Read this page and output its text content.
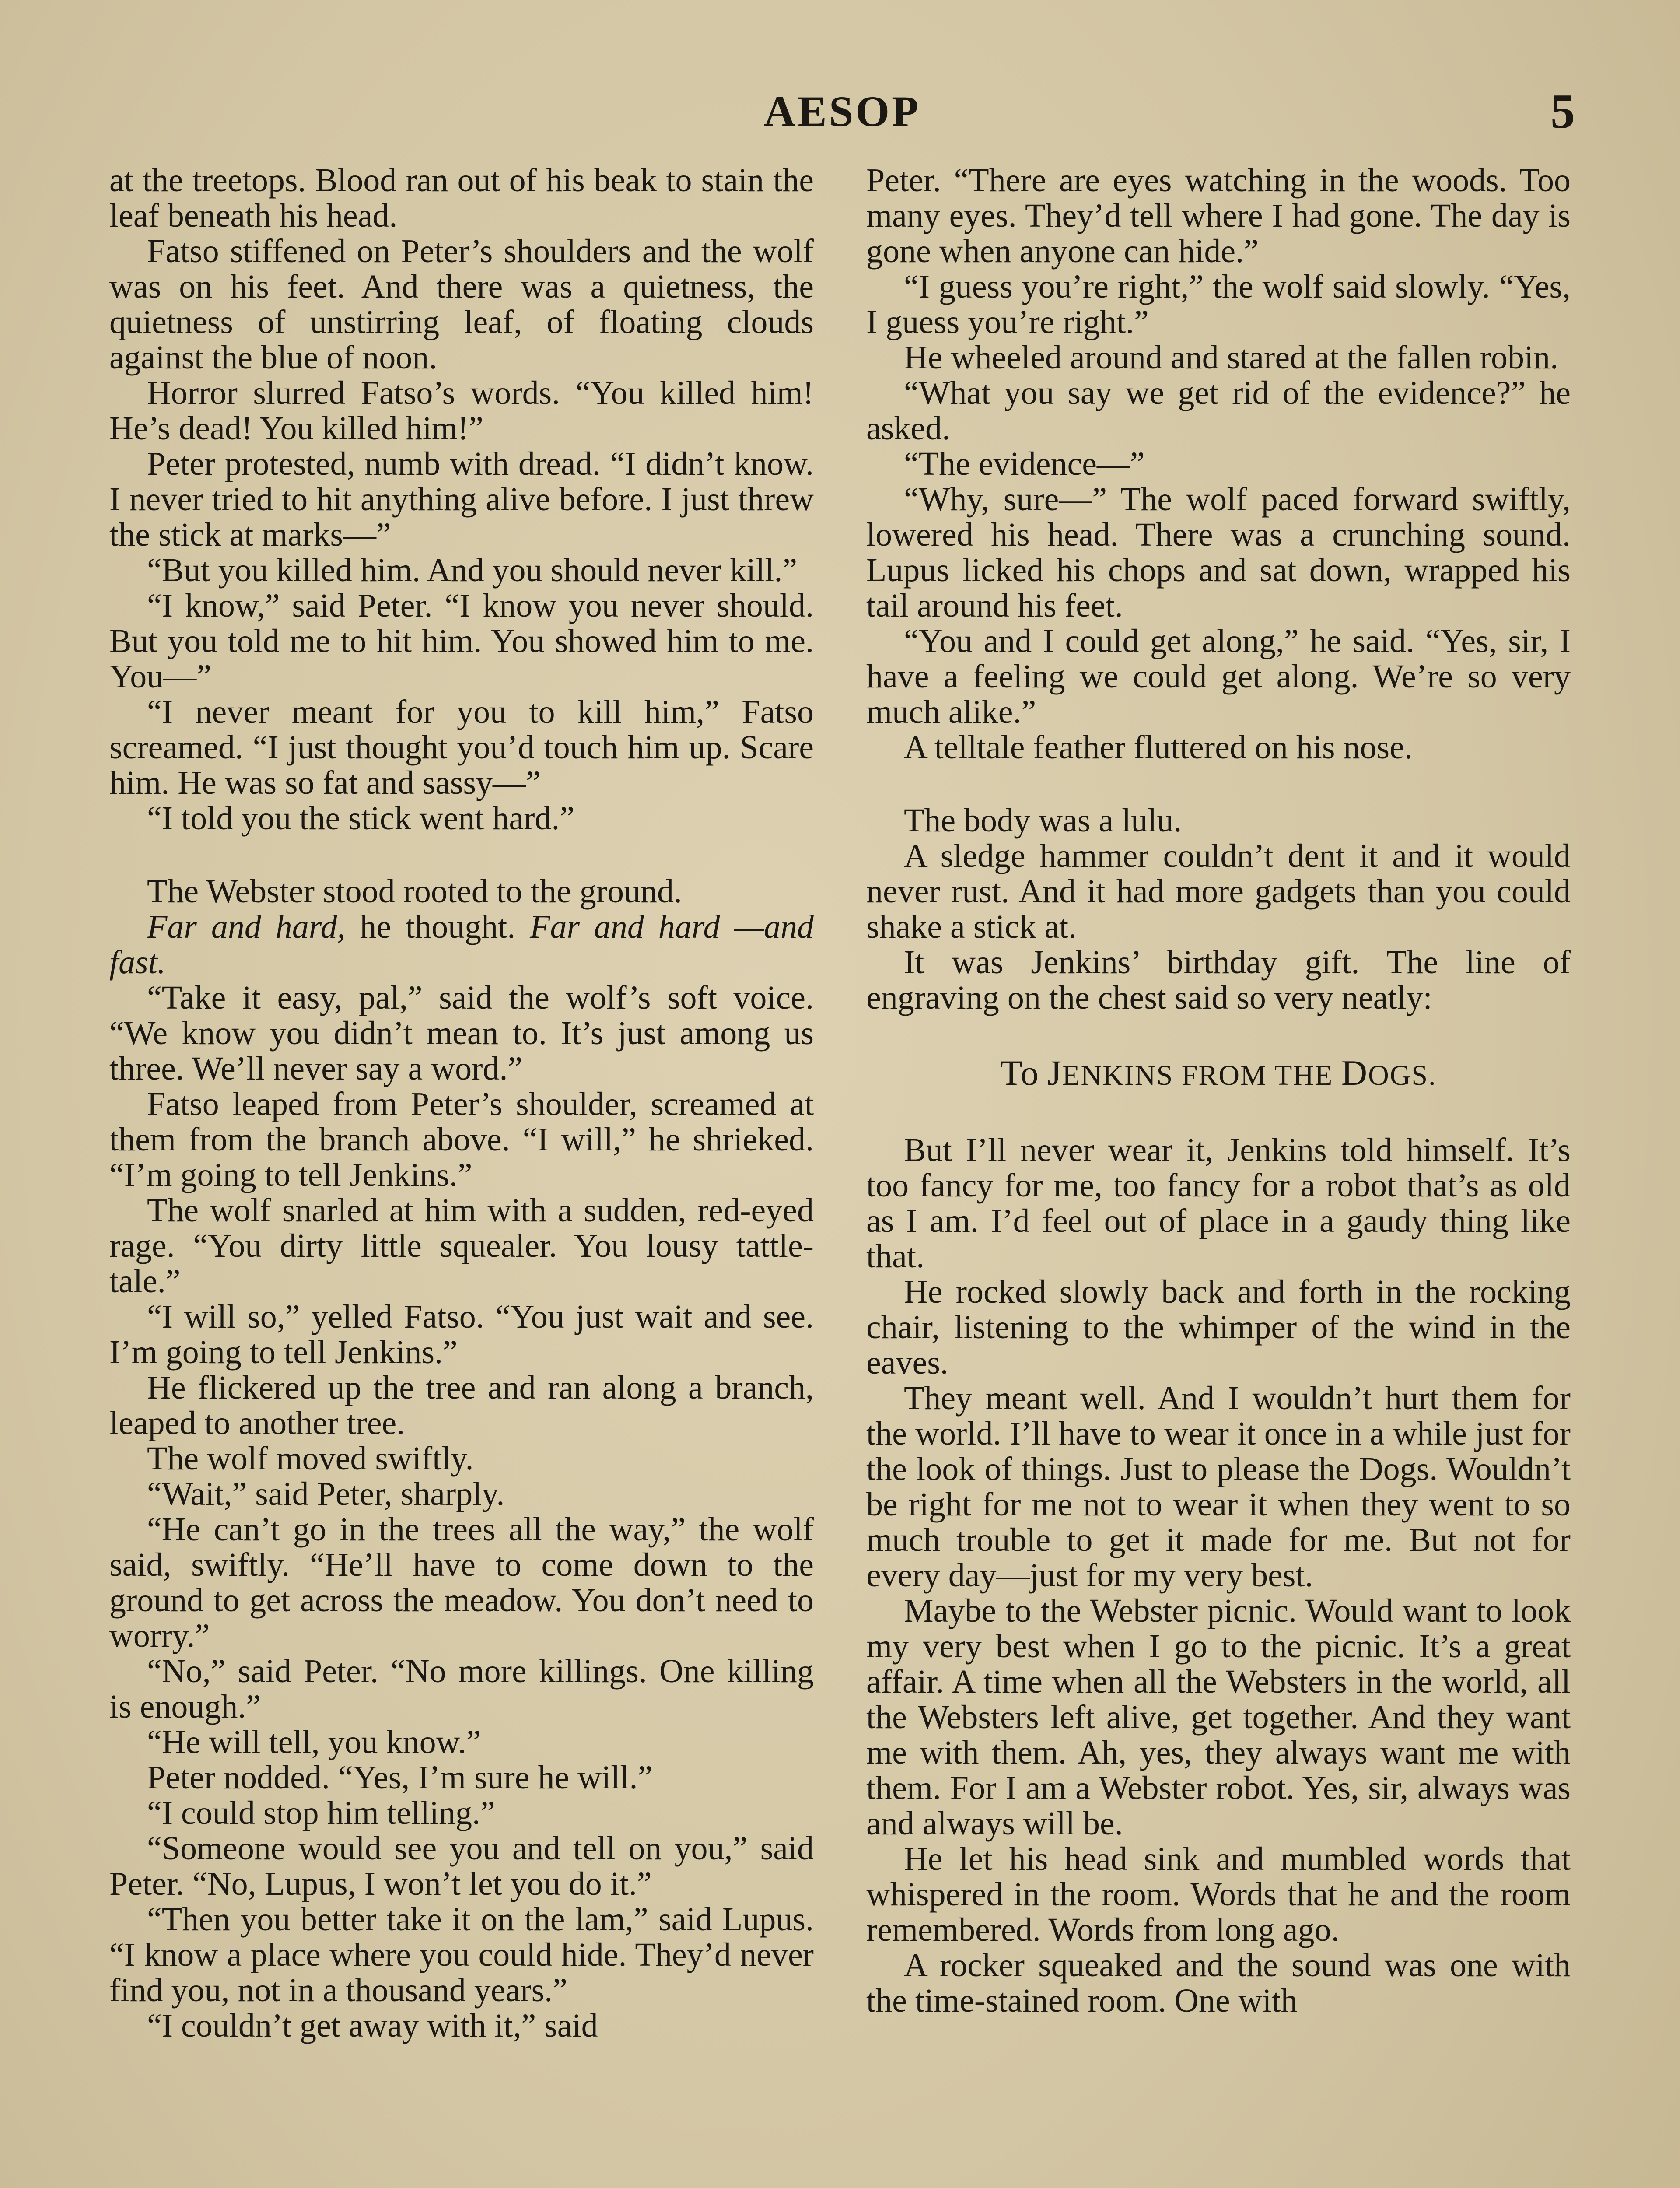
AESOP	5

at the treetops. Blood ran out of his beak to stain the leaf beneath his head.

Fatso stiffened on Peter’s shoulders and the wolf was on his feet. And there was a quietness, the quietness of unstirring leaf, of floating clouds against the blue of noon.

Horror slurred Fatso’s words. “You killed him! He’s dead! You killed him!”

Peter protested, numb with dread. “I didn’t know. I never tried to hit anything alive before. I just threw the stick at marks—”

“But you killed him. And you should never kill.”

“I know,” said Peter. “I know you never should. But you told me to hit him. You showed him to me. You—”

“I never meant for you to kill him,” Fatso screamed. “I just thought you’d touch him up. Scare him. He was so fat and sassy—”

“I told you the stick went hard.”

The Webster stood rooted to the ground.

Far and hard, he thought. Far and hard —and fast.

“Take it easy, pal,” said the wolf’s soft voice. “We know you didn’t mean to. It’s just among us three. We’ll never say a word.”

Fatso leaped from Peter’s shoulder, screamed at them from the branch above. “I will,” he shrieked. “I’m going to tell Jenkins.”

The wolf snarled at him with a sudden, red-eyed rage. “You dirty little squealer. You lousy tattle-tale.”

“I will so,” yelled Fatso. “You just wait and see. I’m going to tell Jenkins.”

He flickered up the tree and ran along a branch, leaped to another tree.

The wolf moved swiftly.

“Wait,” said Peter, sharply.

“He can’t go in the trees all the way,” the wolf said, swiftly. “He’ll have to come down to the ground to get across the meadow. You don’t need to worry.”

“No,” said Peter. “No more killings. One killing is enough.”

“He will tell, you know.”

Peter nodded. “Yes, I’m sure he will.”

“I could stop him telling.”

“Someone would see you and tell on you,” said Peter. “No, Lupus, I won’t let you do it.”

“Then you better take it on the lam,” said Lupus. “I know a place where you could hide. They’d never find you, not in a thousand years.”

“I couldn’t get away with it,” said

Peter. “There are eyes watching in the woods. Too many eyes. They’d tell where I had gone. The day is gone when anyone can hide.”

“I guess you’re right,” the wolf said slowly. “Yes, I guess you’re right.”

He wheeled around and stared at the fallen robin.

“What you say we get rid of the evidence?” he asked.

“The evidence—”

“Why, sure—” The wolf paced forward swiftly, lowered his head. There was a crunching sound. Lupus licked his chops and sat down, wrapped his tail around his feet.

“You and I could get along,” he said. “Yes, sir, I have a feeling we could get along. We’re so very much alike.”

A telltale feather fluttered on his nose.

The body was a lulu.

A sledge hammer couldn’t dent it and it would never rust. And it had more gadgets than you could shake a stick at.

It was Jenkins’ birthday gift. The line of engraving on the chest said so very neatly:

To JENKINS FROM THE DOGS.

But I’ll never wear it, Jenkins told himself. It’s too fancy for me, too fancy for a robot that’s as old as I am. I’d feel out of place in a gaudy thing like that.

He rocked slowly back and forth in the rocking chair, listening to the whimper of the wind in the eaves.

They meant well. And I wouldn’t hurt them for the world. I’ll have to wear it once in a while just for the look of things. Just to please the Dogs. Wouldn’t be right for me not to wear it when they went to so much trouble to get it made for me. But not for every day—just for my very best.

Maybe to the Webster picnic. Would want to look my very best when I go to the picnic. It’s a great affair. A time when all the Websters in the world, all the Websters left alive, get together. And they want me with them. Ah, yes, they always want me with them. For I am a Webster robot. Yes, sir, always was and always will be.

He let his head sink and mumbled words that whispered in the room. Words that he and the room remembered. Words from long ago.

A rocker squeaked and the sound was one with the time-stained room. One with
